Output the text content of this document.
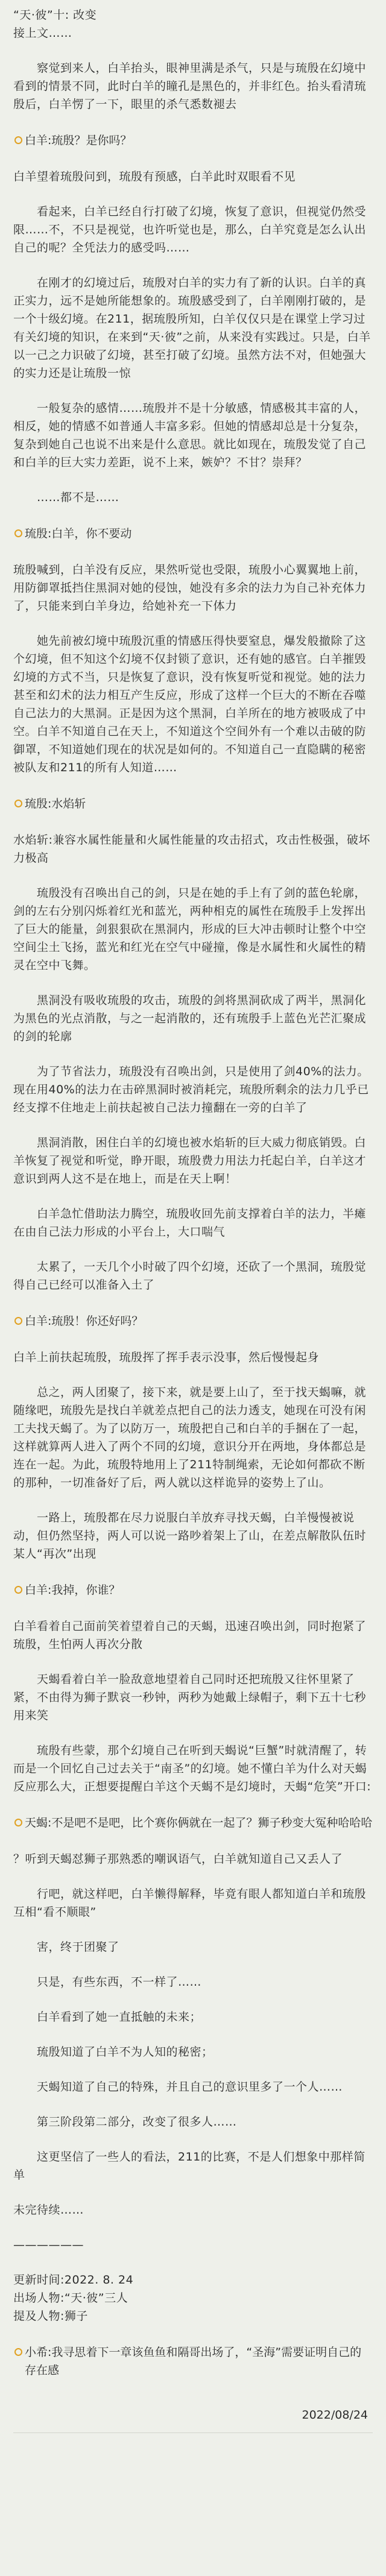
“天·彼”十: 改变

接上文……

　　察觉到来人，白羊抬头，眼神里满是杀气，只是与琉殷在幻境中看到的情景不同，此时白羊的瞳孔是黑色的，并非红色。抬头看清琉殷后，白羊愣了一下，眼里的杀气悉数褪去

白羊:琉殷？是你吗？

白羊望着琉殷问到，琉殷有预感，白羊此时双眼看不见

　　看起来，白羊已经自行打破了幻境，恢复了意识，但视觉仍然受限……不，不只是视觉，也许听觉也是，那么，白羊究竟是怎么认出自己的呢？全凭法力的感受吗……

　　在刚才的幻境过后，琉殷对白羊的实力有了新的认识。白羊的真正实力，远不是她所能想象的。琉殷感受到了，白羊刚刚打破的，是一个十级幻境。在211，据琉殷所知，白羊仅仅只是在课堂上学习过有关幻境的知识，在来到“天·彼”之前，从来没有实践过。只是，白羊以一己之力识破了幻境，甚至打破了幻境。虽然方法不对，但她强大的实力还是让琉殷一惊

　　一般复杂的感情……琉殷并不是十分敏感，情感极其丰富的人，相反，她的情感不如普通人丰富多彩。但她的情感却总是十分复杂，复杂到她自己也说不出来是什么意思。就比如现在，琉殷发觉了自己和白羊的巨大实力差距，说不上来，嫉妒？不甘？崇拜？

　　……都不是……

琉殷:白羊，你不要动

琉殷喊到，白羊没有反应，果然听觉也受限，琉殷小心翼翼地上前，用防御罩抵挡住黑洞对她的侵蚀，她没有多余的法力为自己补充体力了，只能来到白羊身边，给她补充一下体力

　　她先前被幻境中琉殷沉重的情感压得快要窒息，爆发般撤除了这个幻境，但不知这个幻境不仅封锁了意识，还有她的感官。白羊摧毁幻境的方式不当，只是恢复了意识，没有恢复听觉和视觉。她的法力甚至和幻术的法力相互产生反应，形成了这样一个巨大的不断在吞噬自己法力的大黑洞。正是因为这个黑洞，白羊所在的地方被吸成了中空。白羊不知道自己在天上，不知道这个空间外有一个难以击破的防御罩，不知道她们现在的状况是如何的。不知道自己一直隐瞒的秘密被队友和211的所有人知道……

琉殷:水焰斩

水焰斩:兼容水属性能量和火属性能量的攻击招式，攻击性极强，破坏力极高

　　琉殷没有召唤出自己的剑，只是在她的手上有了剑的蓝色轮廓，剑的左右分别闪烁着红光和蓝光，两种相克的属性在琉殷手上发挥出了巨大的能量，剑狠狠砍在黑洞内，形成的巨大冲击顿时让整个中空空间尘土飞扬，蓝光和红光在空气中碰撞，像是水属性和火属性的精灵在空中飞舞。

　　黑洞没有吸收琉殷的攻击，琉殷的剑将黑洞砍成了两半，黑洞化为黑色的光点消散，与之一起消散的，还有琉殷手上蓝色光芒汇聚成的剑的轮廓

　　为了节省法力，琉殷没有召唤出剑，只是使用了剑40%的法力。现在用40%的法力在击碎黑洞时被消耗完，琉殷所剩余的法力几乎已经支撑不住地走上前扶起被自己法力撞翻在一旁的白羊了

　　黑洞消散，困住白羊的幻境也被水焰斩的巨大威力彻底销毁。白羊恢复了视觉和听觉，睁开眼，琉殷费力用法力托起白羊，白羊这才意识到两人这不是在地上，而是在天上啊！

　　白羊急忙借助法力腾空，琉殷收回先前支撑着白羊的法力，半瘫在由自己法力形成的小平台上，大口喘气

　　太累了，一天几个小时破了四个幻境，还砍了一个黑洞，琉殷觉得自己已经可以准备入土了

白羊:琉殷！你还好吗？

白羊上前扶起琉殷，琉殷挥了挥手表示没事，然后慢慢起身

　　总之，两人团聚了，接下来，就是要上山了，至于找天蝎嘛，就随缘吧，琉殷先是找白羊就差点把自己的法力透支，她现在可没有闲工夫找天蝎了。为了以防万一，琉殷把自己和白羊的手捆在了一起，这样就算两人进入了两个不同的幻境，意识分开在两地，身体都总是连在一起。为此，琉殷特地用上了211特制绳索，无论如何都砍不断的那种，一切准备好了后，两人就以这样诡异的姿势上了山。

　　一路上，琉殷都在尽力说服白羊放弃寻找天蝎，白羊慢慢被说动，但仍然坚持，两人可以说一路吵着架上了山，在差点解散队伍时某人“再次”出现

白羊:我掉，你谁？

白羊看着自己面前笑着望着自己的天蝎，迅速召唤出剑，同时抱紧了琉殷，生怕两人再次分散

　　天蝎看着白羊一脸敌意地望着自己同时还把琉殷又往怀里紧了紧，不由得为狮子默哀一秒钟，两秒为她戴上绿帽子，剩下五十七秒用来笑

　　琉殷有些蒙，那个幻境自己在听到天蝎说“巨蟹”时就清醒了，转而是一个回忆自己过去关于“南圣”的幻境。她不懂白羊为什么对天蝎反应那么大，正想要提醒白羊这个天蝎不是幻境时，天蝎“危笑”开口:

天蝎:不是吧不是吧，比个赛你俩就在一起了？狮子秒变大冤种哈哈哈

？听到天蝎怼狮子那熟悉的嘲讽语气，白羊就知道自己又丢人了

　　行吧，就这样吧，白羊懒得解释，毕竟有眼人都知道白羊和琉殷互相“看不顺眼”

　　害，终于团聚了

　　只是，有些东西，不一样了……

　　白羊看到了她一直抵触的未来；

　　琉殷知道了白羊不为人知的秘密；

　　天蝎知道了自己的特殊，并且自己的意识里多了一个人……

　　第三阶段第二部分，改变了很多人……

　　这更坚信了一些人的看法，211的比赛，不是人们想象中那样简单

未完待续……

——————

更新时间:2022. 8. 24
出场人物:“天·彼”三人
提及人物:狮子

小希:我寻思着下一章该鱼鱼和隔哥出场了，“圣海”需要证明自己的存在感
2022/08/24
